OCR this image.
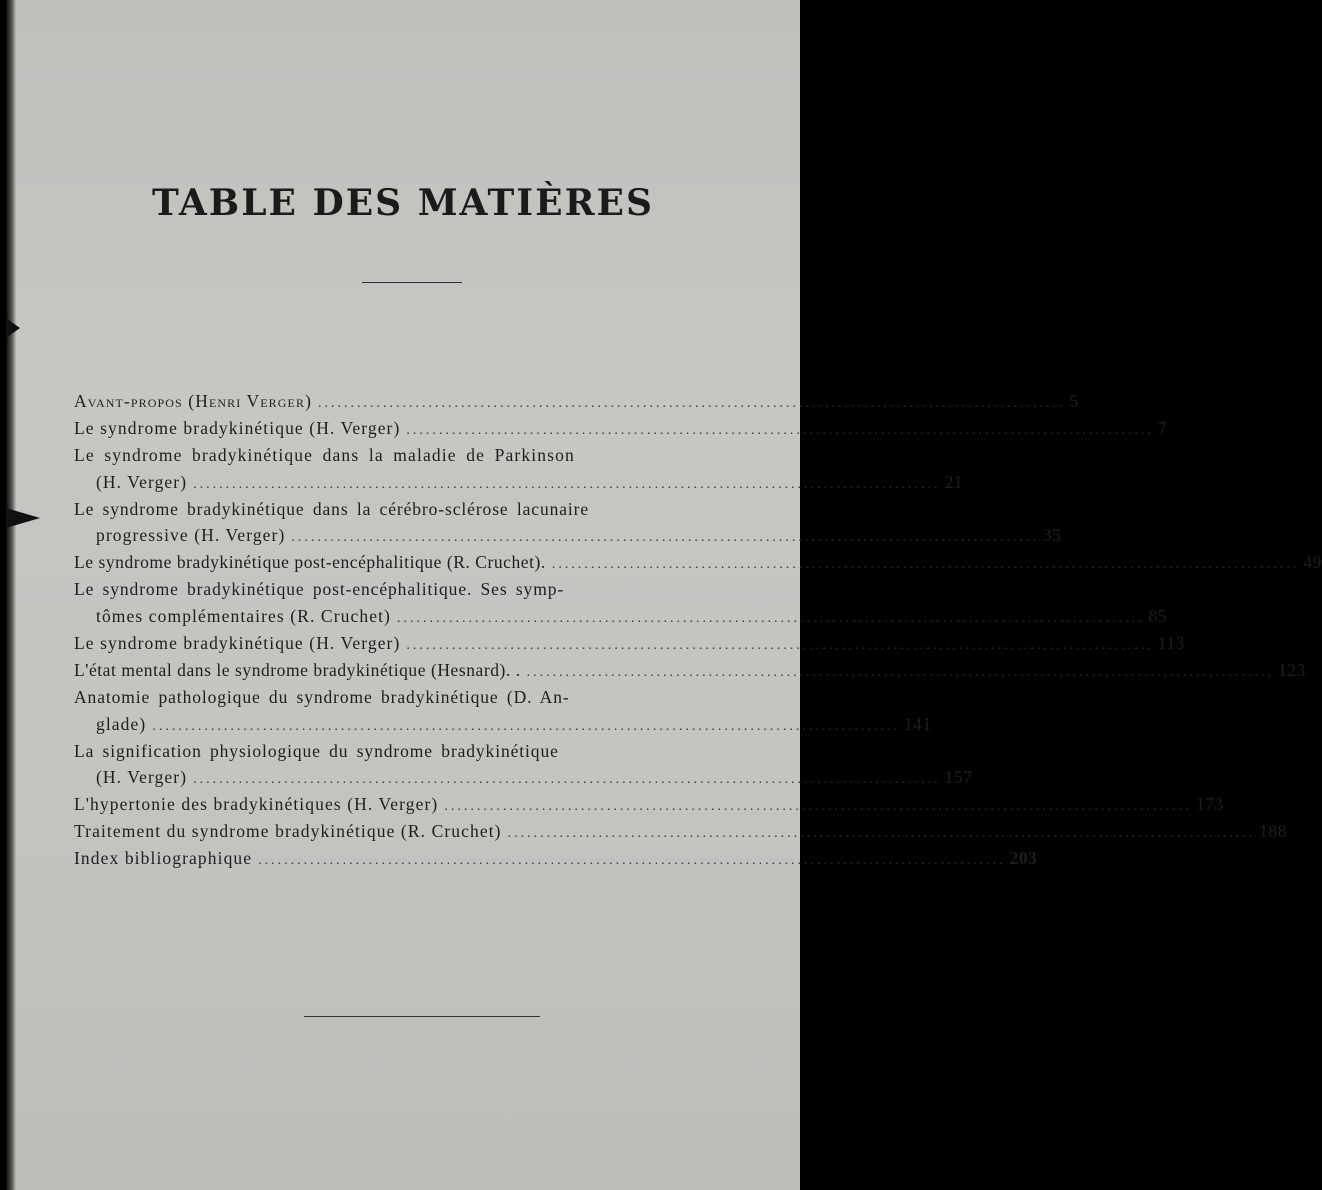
TABLE DES MATIÈRES
Avant-propos (Henri Verger) ................................................................................................................... 5
Le syndrome bradykinétique (H. Verger) ................................................................................................................... 7
Le syndrome bradykinétique dans la maladie de Parkinson
(H. Verger) ................................................................................................................... 21
Le syndrome bradykinétique dans la cérébro-sclérose lacunaire
progressive (H. Verger) ................................................................................................................... 35
Le syndrome bradykinétique post-encéphalitique (R. Cruchet). ................................................................................................................... 49
Le syndrome bradykinétique post-encéphalitique. Ses symp-
tômes complémentaires (R. Cruchet) ................................................................................................................... 85
Le syndrome bradykinétique (H. Verger) ................................................................................................................... 113
L'état mental dans le syndrome bradykinétique (Hesnard). . ................................................................................................................... 123
Anatomie pathologique du syndrome bradykinétique (D. An-
glade) ................................................................................................................... 141
La signification physiologique du syndrome bradykinétique
(H. Verger) ................................................................................................................... 157
L'hypertonie des bradykinétiques (H. Verger) ................................................................................................................... 173
Traitement du syndrome bradykinétique (R. Cruchet) ................................................................................................................... 188
Index bibliographique ................................................................................................................... 203
